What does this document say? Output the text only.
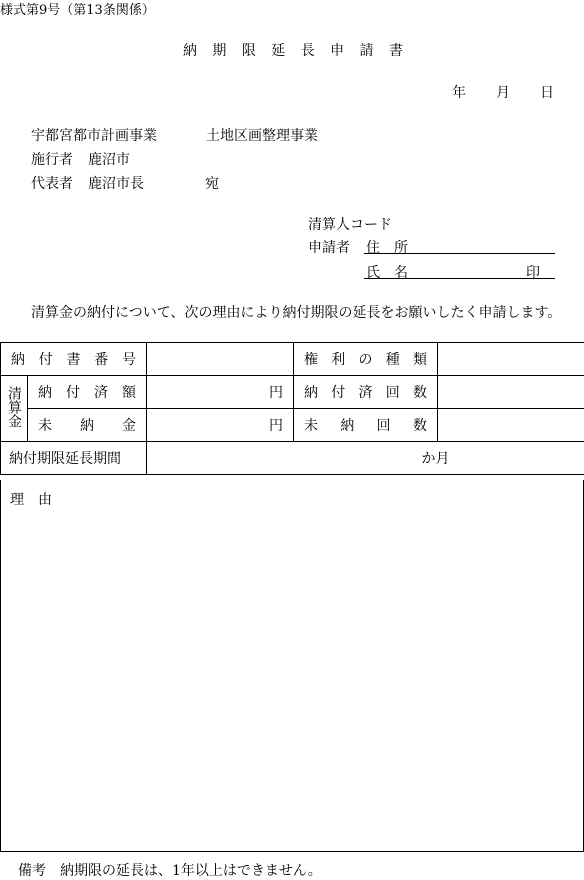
様式第9号（第13条関係）
納 期 限 延 長 申 請 書
年 月 日
宇都宮都市計画事業	土地区画整理事業
施行者 鹿沼市
代表者 鹿沼市長	宛
清算人コード
申請者 住　所
氏　名	印
清算金の納付について、次の理由により納付期限の延長をお願いしたく申請します。
納 付 書 番 号			権 利 の 種 類	

清算金	納 付 済 額	円	納 付 済 回 数	

	未 納 金	円	未 納 回 数	

納付期限延長期間		か月		
理　由
備考　納期限の延長は、1年以上はできません。
